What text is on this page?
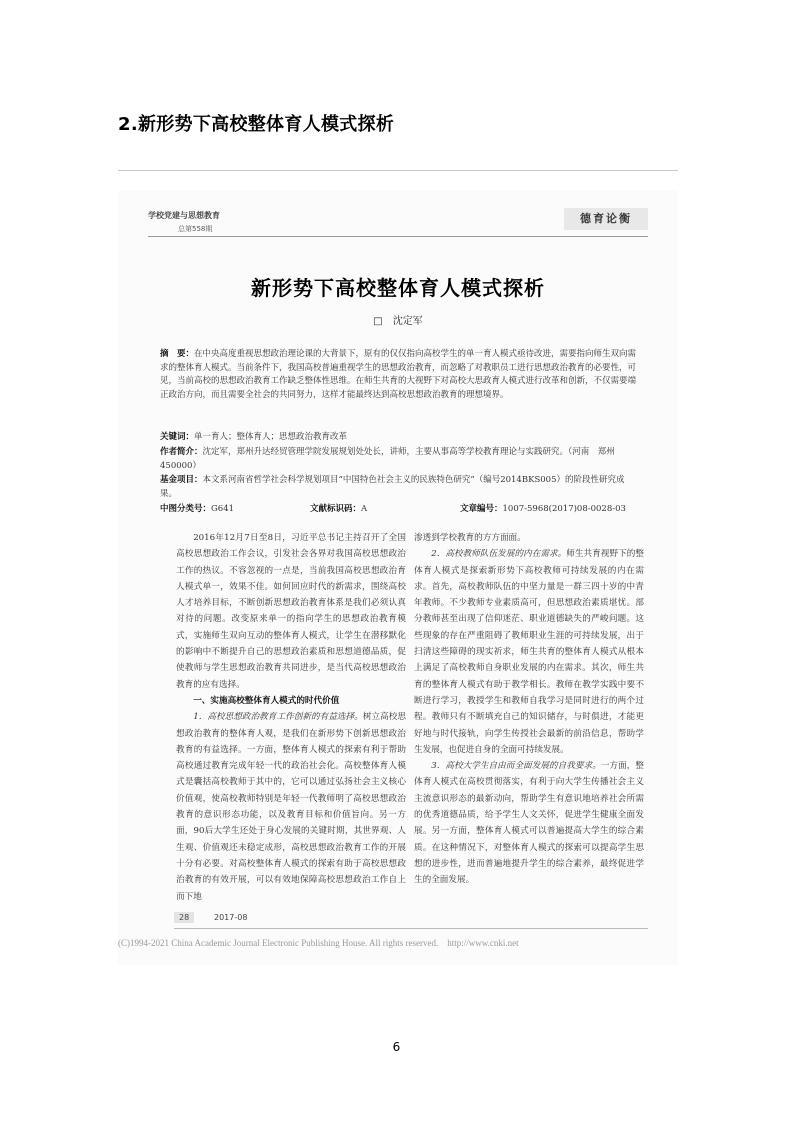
2.新形势下高校整体育人模式探析
学校党建与思想教育
总第558期
德育论衡
新形势下高校整体育人模式探析
□　沈定军
摘　要：在中央高度重视思想政治理论课的大背景下，原有的仅仅指向高校学生的单一育人模式亟待改进，需要指向师生双向需求的整体育人模式。当前条件下，我国高校普遍重视学生的思想政治教育，而忽略了对教职员工进行思想政治教育的必要性，可见，当前高校的思想政治教育工作缺乏整体性思维。在师生共育的大视野下对高校大思政育人模式进行改革和创新，不仅需要端正政治方向，而且需要全社会的共同努力，这样才能最终达到高校思想政治教育的理想境界。
关键词：单一育人；整体育人；思想政治教育改革
作者简介：沈定军，郑州升达经贸管理学院发展规划处处长，讲师，主要从事高等学校教育理论与实践研究。（河南　郑州　450000）
基金项目：本文系河南省哲学社会科学规划项目“中国特色社会主义的民族特色研究”（编号2014BKS005）的阶段性研究成果。
中图分类号：G641	文献标识码：A	文章编号：1007-5968(2017)08-0028-03

2016年12月7日至8日，习近平总书记主持召开了全国高校思想政治工作会议，引发社会各界对我国高校思想政治工作的热议。不容忽视的一点是，当前我国高校思想政治育人模式单一，效果不佳。如何回应时代的新需求，围绕高校人才培养目标，不断创新思想政治教育体系是我们必须认真对待的问题。改变原来单一的指向学生的思想政治教育模式，实施师生双向互动的整体育人模式，让学生在潜移默化的影响中不断提升自己的思想政治素质和思想道德品质，促使教师与学生思想政治教育共同进步，是当代高校思想政治教育的应有选择。

一、实施高校整体育人模式的时代价值

1．高校思想政治教育工作创新的有益选择。树立高校思想政治教育的整体育人观，是我们在新形势下创新思想政治教育的有益选择。一方面，整体育人模式的探索有利于帮助高校通过教育完成年轻一代的政治社会化。高校整体育人模式是囊括高校教师于其中的，它可以通过弘扬社会主义核心价值观，使高校教师特别是年轻一代教师明了高校思想政治教育的意识形态功能，以及教育目标和价值旨向。另一方面，90后大学生还处于身心发展的关键时期，其世界观、人生观、价值观还未稳定成形，高校思想政治教育工作的开展十分有必要。对高校整体育人模式的探索有助于高校思想政治教育的有效开展，可以有效地保障高校思想政治工作自上而下地

渗透到学校教育的方方面面。

2．高校教师队伍发展的内在需求。师生共育视野下的整体育人模式是探索新形势下高校教师可持续发展的内在需求。首先，高校教师队伍的中坚力量是一群三四十岁的中青年教师。不少教师专业素质高可，但思想政治素质堪忧。部分教师甚至出现了信仰迷茫、职业道德缺失的严峻问题。这些现象的存在严重阻碍了教师职业生涯的可持续发展，出于扫清这些障碍的现实祈求，师生共育的整体育人模式从根本上满足了高校教师自身职业发展的内在需求。其次，师生共育的整体育人模式有助于教学相长。教师在教学实践中要不断进行学习，教授学生和教师自我学习是同时进行的两个过程。教师只有不断填充自己的知识储存，与时俱进，才能更好地与时代接轨，向学生传授社会最新的前沿信息，帮助学生发展，也促进自身的全面可持续发展。

3．高校大学生自由而全面发展的自我要求。一方面，整体育人模式在高校贯彻落实，有利于向大学生传播社会主义主流意识形态的最新动向，帮助学生有意识地培养社会所需的优秀道德品质，给予学生人文关怀，促进学生健康全面发展。另一方面，整体育人模式可以普遍提高大学生的综合素质。在这种情况下，对整体育人模式的探索可以提高学生思想的进步性，进而普遍地提升学生的综合素养，最终促进学生的全面发展。

28	2017-08
(C)1994-2021 China Academic Journal Electronic Publishing House. All rights reserved.　http://www.cnki.net
6
